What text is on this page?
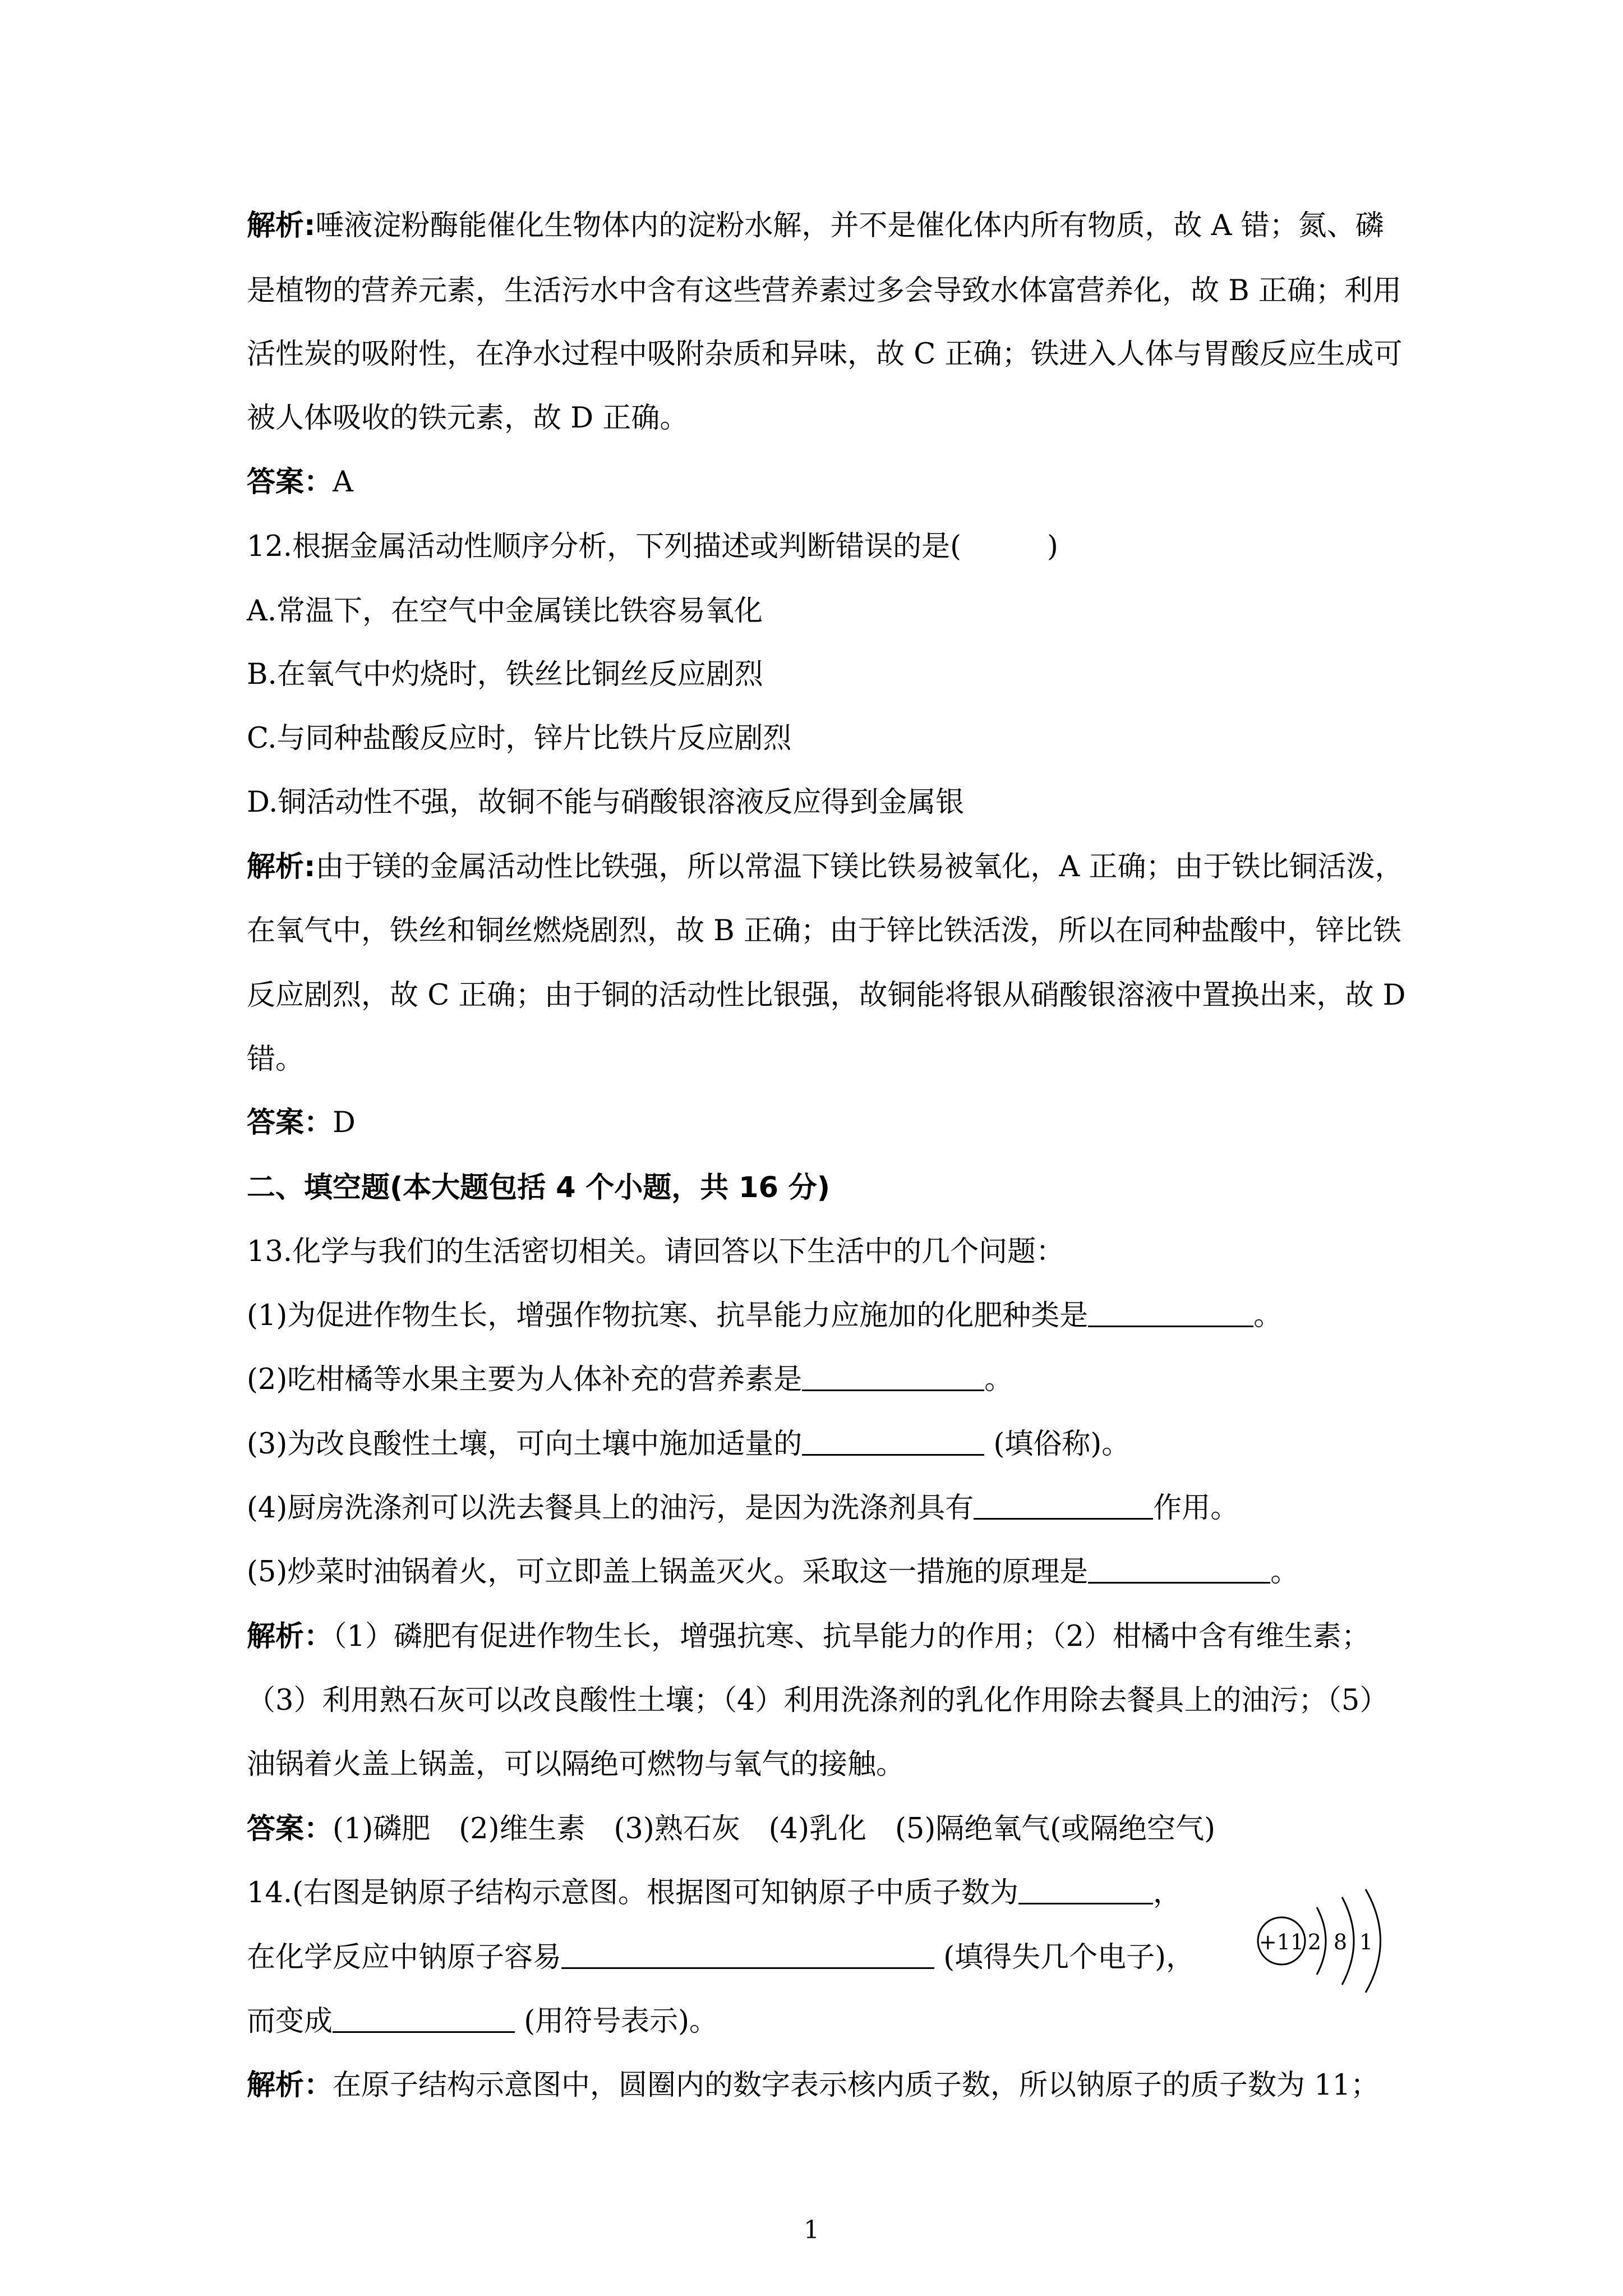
解析:唾液淀粉酶能催化生物体内的淀粉水解，并不是催化体内所有物质，故 A 错；氮、磷
是植物的营养元素，生活污水中含有这些营养素过多会导致水体富营养化，故 B 正确；利用
活性炭的吸附性，在净水过程中吸附杂质和异味，故 C 正确；铁进入人体与胃酸反应生成可
被人体吸收的铁元素，故 D 正确。
答案：A
12.根据金属活动性顺序分析，下列描述或判断错误的是(　　　)
A.常温下，在空气中金属镁比铁容易氧化
B.在氧气中灼烧时，铁丝比铜丝反应剧烈
C.与同种盐酸反应时，锌片比铁片反应剧烈
D.铜活动性不强，故铜不能与硝酸银溶液反应得到金属银
解析:由于镁的金属活动性比铁强，所以常温下镁比铁易被氧化，A 正确；由于铁比铜活泼，
在氧气中，铁丝和铜丝燃烧剧烈，故 B 正确；由于锌比铁活泼，所以在同种盐酸中，锌比铁
反应剧烈，故 C 正确；由于铜的活动性比银强，故铜能将银从硝酸银溶液中置换出来，故 D
错。
答案：D
二、填空题(本大题包括 4 个小题，共 16 分)
13.化学与我们的生活密切相关。请回答以下生活中的几个问题：
(1)为促进作物生长，增强作物抗寒、抗旱能力应施加的化肥种类是	。
(2)吃柑橘等水果主要为人体补充的营养素是	。
(3)为改良酸性土壤，可向土壤中施加适量的	(填俗称)。
(4)厨房洗涤剂可以洗去餐具上的油污，是因为洗涤剂具有	作用。
(5)炒菜时油锅着火，可立即盖上锅盖灭火。采取这一措施的原理是	。
解析：（1）磷肥有促进作物生长，增强抗寒、抗旱能力的作用；（2）柑橘中含有维生素；
（3）利用熟石灰可以改良酸性土壤；（4）利用洗涤剂的乳化作用除去餐具上的油污；（5）
油锅着火盖上锅盖，可以隔绝可燃物与氧气的接触。
答案：(1)磷肥　(2)维生素　(3)熟石灰　(4)乳化　(5)隔绝氧气(或隔绝空气)
14.(右图是钠原子结构示意图。根据图可知钠原子中质子数为	，
在化学反应中钠原子容易	(填得失几个电子)，
而变成	(用符号表示)。
+11 2 8 1
解析：在原子结构示意图中，圆圈内的数字表示核内质子数，所以钠原子的质子数为 11；
1
